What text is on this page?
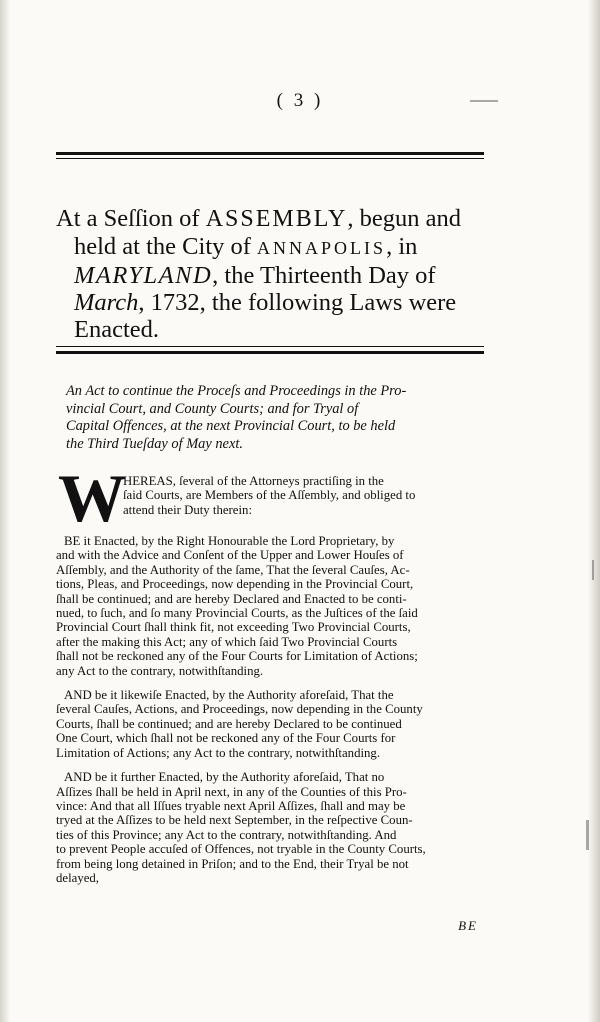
( 3 )
At a Seſſion of ASSEMBLY, begun and
held at the City of ANNAPOLIS, in
MARYLAND, the Thirteenth Day of
March, 1732, the following Laws were
Enacted.
An Act to continue the Proceſs and Proceedings in the Pro-
vincial Court, and County Courts; and for Tryal of
Capital Offences, at the next Provincial Court, to be held
the Third Tueſday of May next.
W
HEREAS, ſeveral of the Attorneys practiſing in the
ſaid Courts, are Members of the Aſſembly, and obliged to
attend their Duty therein:
BE it Enacted, by the Right Honourable the Lord Proprietary, by
and with the Advice and Conſent of the Upper and Lower Houſes of
Aſſembly, and the Authority of the ſame, That the ſeveral Cauſes, Ac-
tions, Pleas, and Proceedings, now depending in the Provincial Court,
ſhall be continued; and are hereby Declared and Enacted to be conti-
nued, to ſuch, and ſo many Provincial Courts, as the Juſtices of the ſaid
Provincial Court ſhall think fit, not exceeding Two Provincial Courts,
after the making this Act; any of which ſaid Two Provincial Courts
ſhall not be reckoned any of the Four Courts for Limitation of Actions;
any Act to the contrary, notwithſtanding.
AND be it likewiſe Enacted, by the Authority aforeſaid, That the
ſeveral Cauſes, Actions, and Proceedings, now depending in the County
Courts, ſhall be continued; and are hereby Declared to be continued
One Court, which ſhall not be reckoned any of the Four Courts for
Limitation of Actions; any Act to the contrary, notwithſtanding.
AND be it further Enacted, by the Authority aforeſaid, That no
Aſſizes ſhall be held in April next, in any of the Counties of this Pro-
vince: And that all Iſſues tryable next April Aſſizes, ſhall and may be
tryed at the Aſſizes to be held next September, in the reſpective Coun-
ties of this Province; any Act to the contrary, notwithſtanding. And
to prevent People accuſed of Offences, not tryable in the County Courts,
from being long detained in Priſon; and to the End, their Tryal be not
delayed,
BE
